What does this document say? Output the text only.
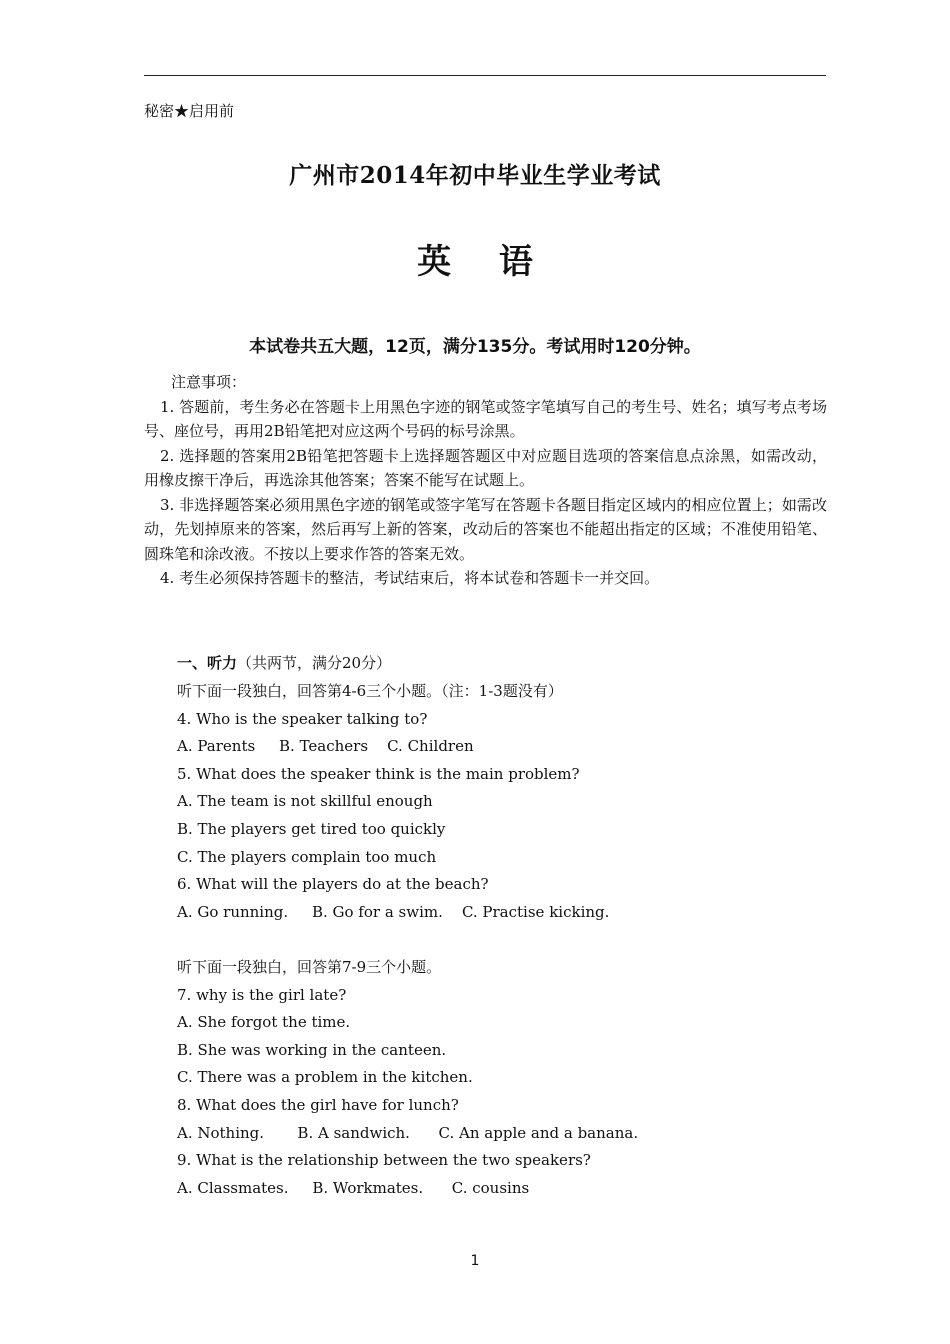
秘密★启用前
广州市2014年初中毕业生学业考试
英 语
本试卷共五大题，12页，满分135分。考试用时120分钟。
注意事项：

1. 答题前，考生务必在答题卡上用黑色字迹的钢笔或签字笔填写自己的考生号、姓名；填写考点考场号、座位号，再用2B铅笔把对应这两个号码的标号涂黑。

2. 选择题的答案用2B铅笔把答题卡上选择题答题区中对应题目选项的答案信息点涂黑，如需改动，用橡皮擦干净后，再选涂其他答案；答案不能写在试题上。

3. 非选择题答案必须用黑色字迹的钢笔或签字笔写在答题卡各题目指定区域内的相应位置上；如需改动，先划掉原来的答案，然后再写上新的答案，改动后的答案也不能超出指定的区域；不准使用铅笔、圆珠笔和涂改液。不按以上要求作答的答案无效。

4. 考生必须保持答题卡的整洁，考试结束后，将本试卷和答题卡一并交回。

一、听力（共两节，满分20分）
听下面一段独白，回答第4-6三个小题。（注：1-3题没有）
4. Who is the speaker talking to?
A. Parents     B. Teachers    C. Children
5. What does the speaker think is the main problem?
A. The team is not skillful enough
B. The players get tired too quickly
C. The players complain too much
6. What will the players do at the beach?
A. Go running.     B. Go for a swim.    C. Practise kicking.
听下面一段独白，回答第7-9三个小题。
7. why is the girl late?
A. She forgot the time.
B. She was working in the canteen.
C. There was a problem in the kitchen.
8. What does the girl have for lunch?
A. Nothing.       B. A sandwich.      C. An apple and a banana.
9. What is the relationship between the two speakers?
A. Classmates.     B. Workmates.      C. cousins
1
